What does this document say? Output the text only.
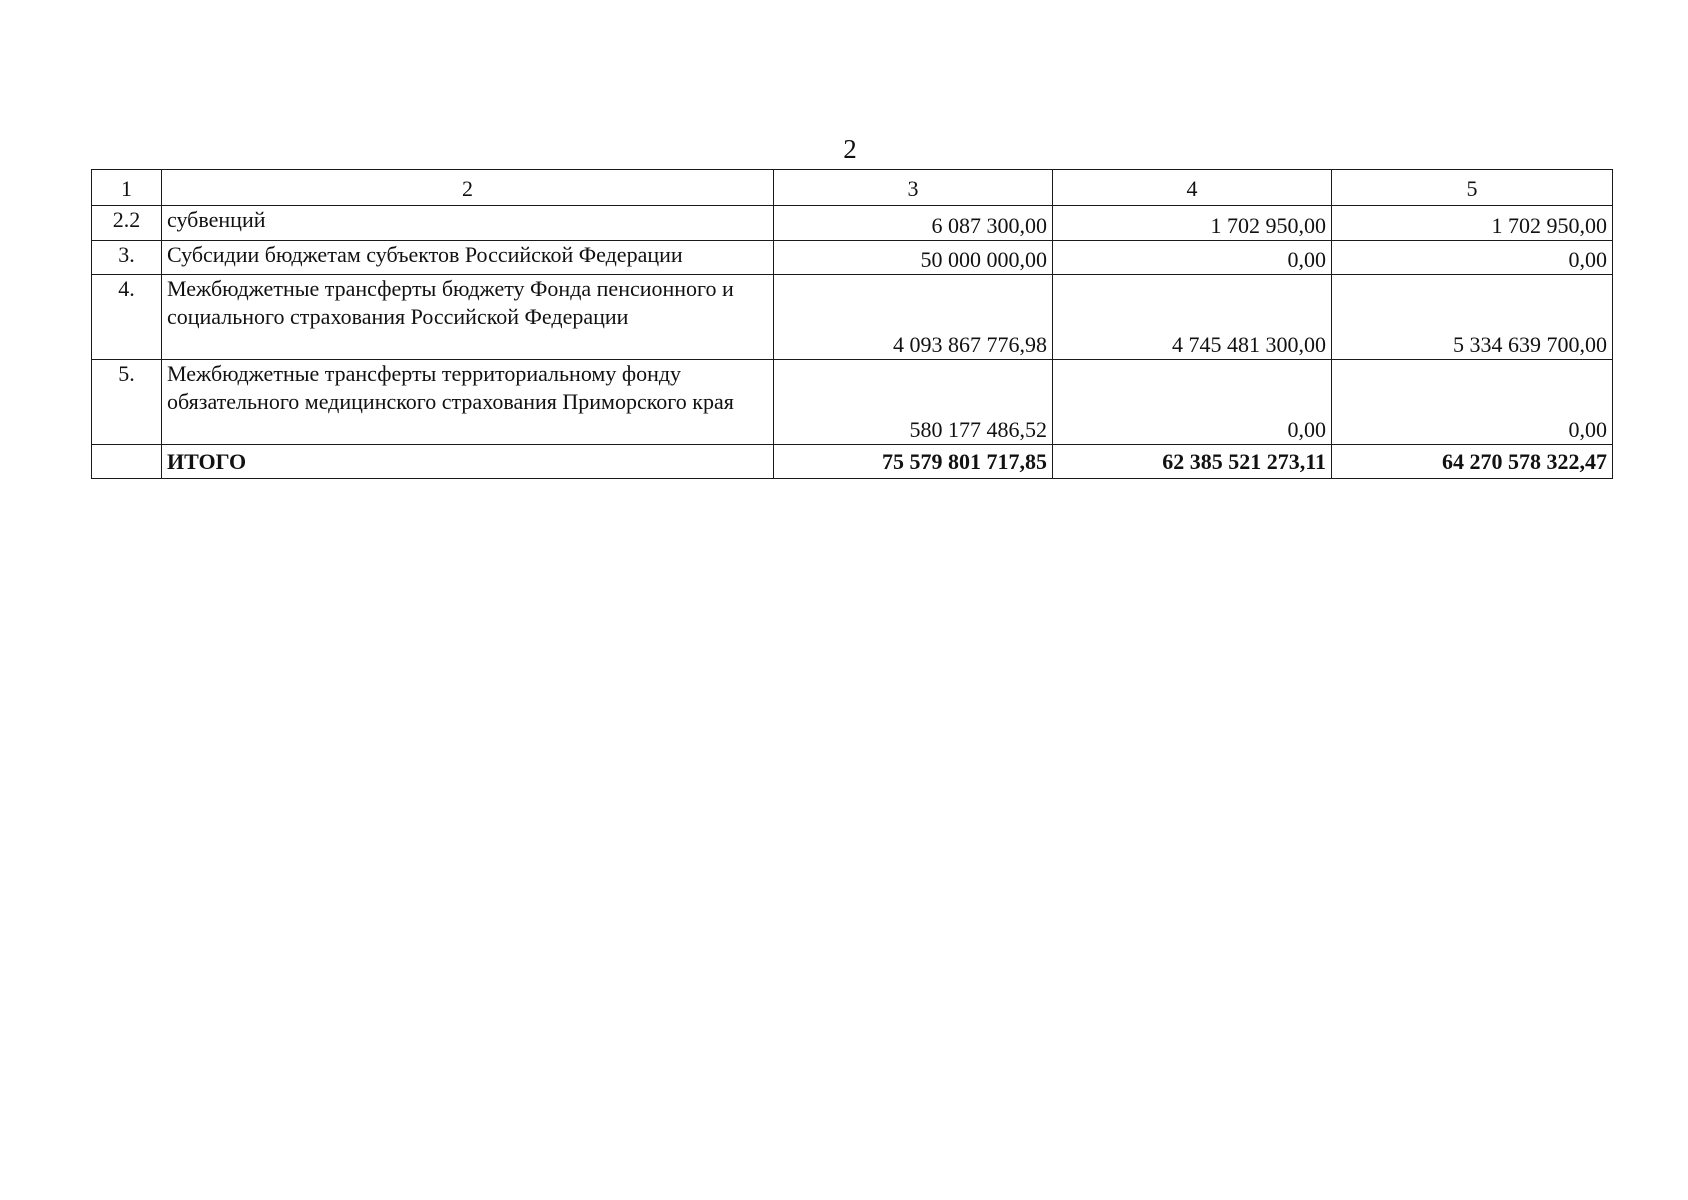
2
1	2	3	4	5
2.2	субвенций	6 087 300,00	1 702 950,00	1 702 950,00
3.	Субсидии бюджетам субъектов Российской Федерации	50 000 000,00	0,00	0,00
4.	Межбюджетные трансферты бюджету Фонда пенсионного и социального страхования Российской Федерации	4 093 867 776,98	4 745 481 300,00	5 334 639 700,00
5.	Межбюджетные трансферты территориальному фонду обязательного медицинского страхования Приморского края	580 177 486,52	0,00	0,00
	ИТОГО	75 579 801 717,85	62 385 521 273,11	64 270 578 322,47
